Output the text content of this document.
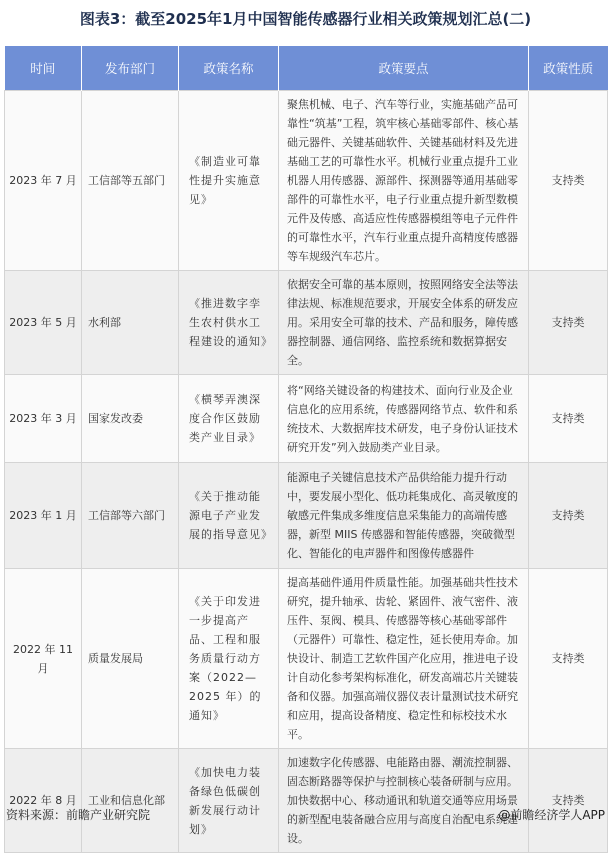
图表3：截至2025年1月中国智能传感器行业相关政策规划汇总(二)
时间	发布部门	政策名称	政策要点	政策性质
2023 年 7 月	工信部等五部门	《制造业可靠性提升实施意见》	聚焦机械、电子、汽车等行业，实施基础产品可靠性“筑基”工程，筑牢核心基础零部件、核心基础元器件、关键基础软件、关键基础材料及先进基础工艺的可靠性水平。机械行业重点提升工业机器人用传感器、源部件、探测器等通用基础零部件的可靠性水平，电子行业重点提升新型数模元件及传感、高适应性传感器模组等电子元件件的可靠性水平，汽车行业重点提升高精度传感器等车规级汽车芯片。	支持类
2023 年 5 月	水利部	《推进数字孪生农村供水工程建设的通知》	依据安全可靠的基本原则，按照网络安全法等法律法规、标准规范要求，开展安全体系的研发应用。采用安全可靠的技术、产品和服务，障传感器控制器、通信网络、监控系统和数据算据安全。	支持类
2023 年 3 月	国家发改委	《横琴弄澳深度合作区鼓励类产业目录》	将“网络关键设备的构建技术、面向行业及企业信息化的应用系统，传感器网络节点、软件和系统技术、大数据库技术研发，电子身份认证技术研究开发”列入鼓励类产业目录。	支持类
2023 年 1 月	工信部等六部门	《关于推动能源电子产业发展的指导意见》	能源电子关键信息技术产品供给能力提升行动中，要发展小型化、低功耗集成化、高灵敏度的敏感元件集成多维度信息采集能力的高端传感器，新型 MIIS 传感器和智能传感器，突破微型化、智能化的电声器件和图像传感器件	支持类
2022 年 11 月	质量发展局	《关于印发进一步提高产品、工程和服务质量行动方案（2022—2025 年）的通知》	提高基础件通用件质量性能。加强基础共性技术研究，提升轴承、齿轮、紧固件、液气密件、液压件、泵阀、模具、传感器等核心基础零部件（元器件）可靠性、稳定性，延长使用寿命。加快设计、制造工艺软件国产化应用，推进电子设计自动化参考架构标准化，研发高端芯片关键装备和仪器。加强高端仪器仪表计量测试技术研究和应用，提高设备精度、稳定性和标校技术水平。	支持类
2022 年 8 月	工业和信息化部	《加快电力装备绿色低碳创新发展行动计划》	加速数字化传感器、电能路由器、潮流控制器、固态断路器等保护与控制核心装备研制与应用。加快数据中心、移动通讯和轨道交通等应用场景的新型配电装备融合应用与高度自治配电系统建设。	支持类
资料来源：前瞻产业研究院	@前瞻经济学人APP
